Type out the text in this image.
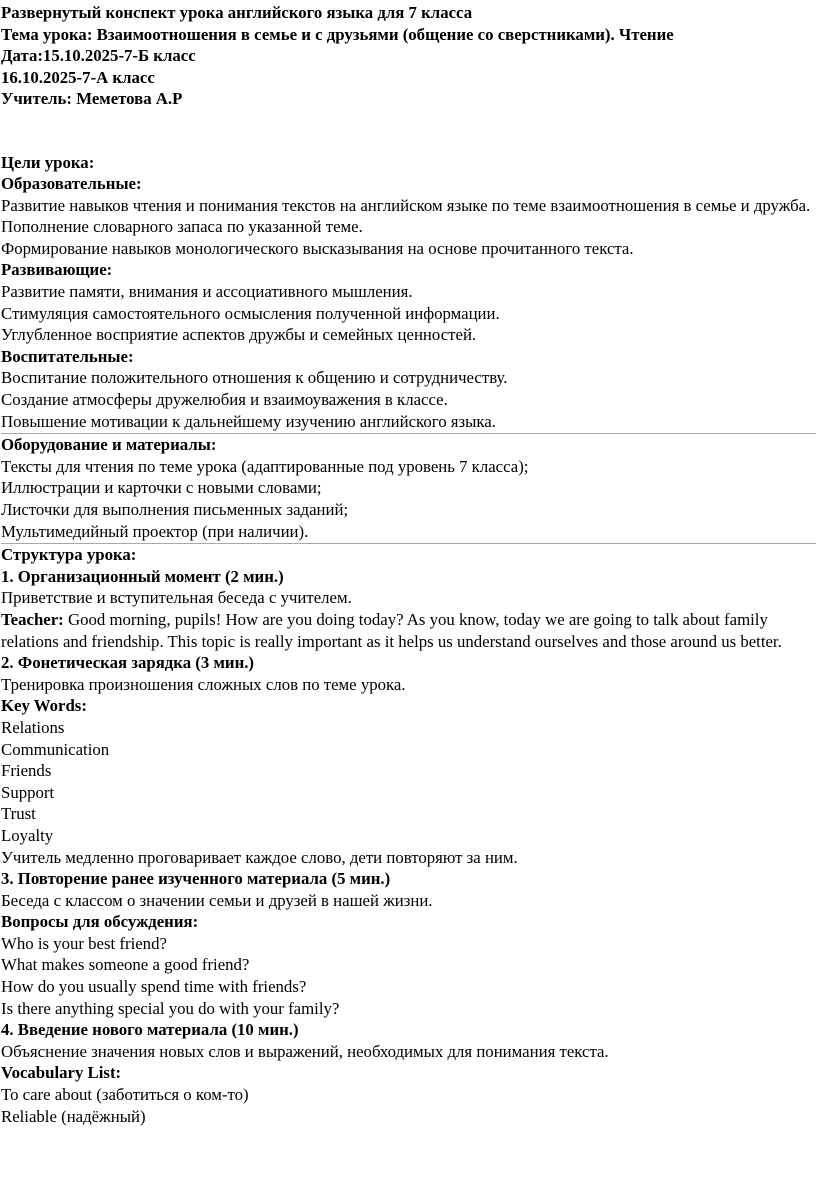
Развернутый конспект урока английского языка для 7 класса
Тема урока: Взаимоотношения в семье и с друзьями (общение со сверстниками). Чтение
Дата:15.10.2025-7-Б класс
16.10.2025-7-А класс
Учитель: Меметова А.Р
Цели урока:
Образовательные:
Развитие навыков чтения и понимания текстов на английском языке по теме взаимоотношения в семье и дружба.
Пополнение словарного запаса по указанной теме.
Формирование навыков монологического высказывания на основе прочитанного текста.
Развивающие:
Развитие памяти, внимания и ассоциативного мышления.
Стимуляция самостоятельного осмысления полученной информации.
Углубленное восприятие аспектов дружбы и семейных ценностей.
Воспитательные:
Воспитание положительного отношения к общению и сотрудничеству.
Создание атмосферы дружелюбия и взаимоуважения в классе.
Повышение мотивации к дальнейшему изучению английского языка.
Оборудование и материалы:
Тексты для чтения по теме урока (адаптированные под уровень 7 класса);
Иллюстрации и карточки с новыми словами;
Листочки для выполнения письменных заданий;
Мультимедийный проектор (при наличии).
Структура урока:
1. Организационный момент (2 мин.)
Приветствие и вступительная беседа с учителем.
Teacher: Good morning, pupils! How are you doing today? As you know, today we are going to talk about family relations and friendship. This topic is really important as it helps us understand ourselves and those around us better.
2. Фонетическая зарядка (3 мин.)
Тренировка произношения сложных слов по теме урока.
Key Words:
Relations
Communication
Friends
Support
Trust
Loyalty
Учитель медленно проговаривает каждое слово, дети повторяют за ним.
3. Повторение ранее изученного материала (5 мин.)
Беседа с классом о значении семьи и друзей в нашей жизни.
Вопросы для обсуждения:
Who is your best friend?
What makes someone a good friend?
How do you usually spend time with friends?
Is there anything special you do with your family?
4. Введение нового материала (10 мин.)
Объяснение значения новых слов и выражений, необходимых для понимания текста.
Vocabulary List:
To care about (заботиться о ком-то)
Reliable (надёжный)
